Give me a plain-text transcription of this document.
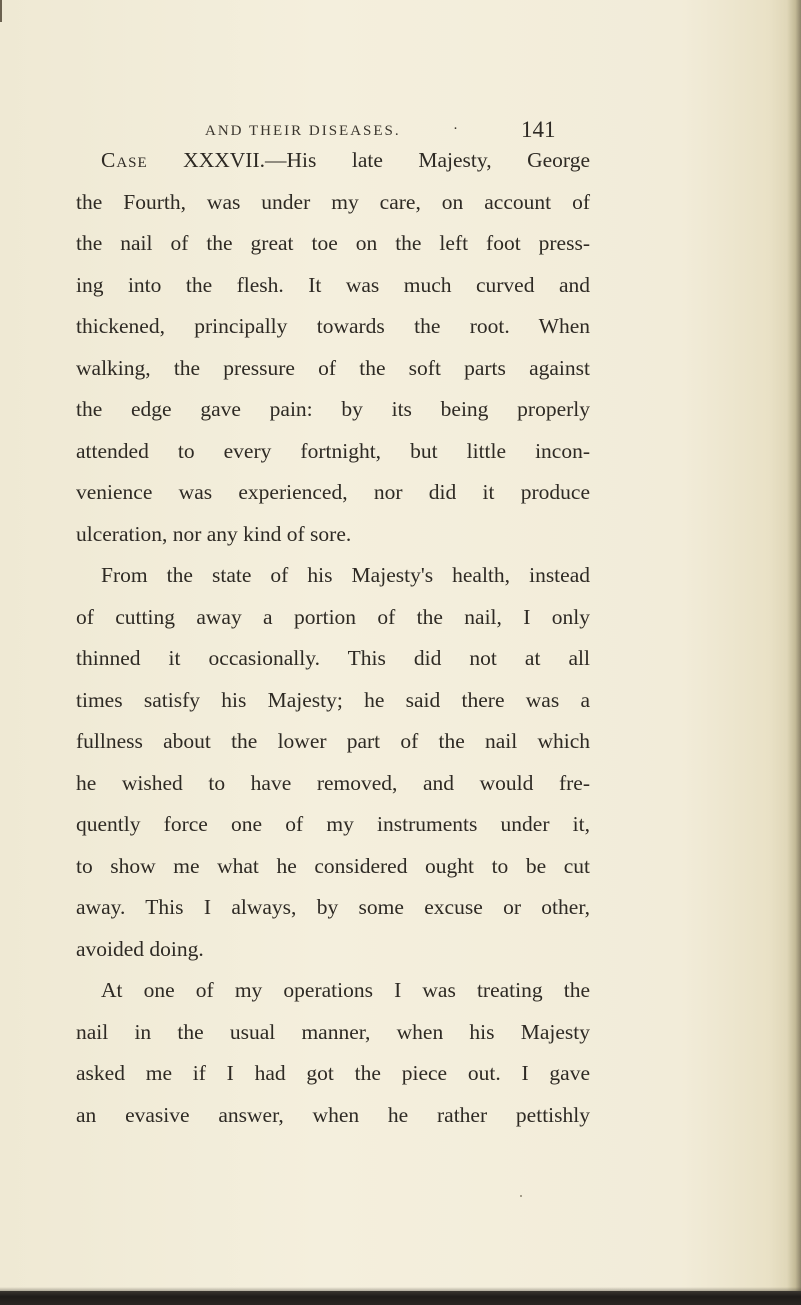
AND THEIR DISEASES.	·	141
Case XXXVII.—His late Majesty, George
the Fourth, was under my care, on account of
the nail of the great toe on the left foot press-
ing into the flesh. It was much curved and
thickened, principally towards the root. When
walking, the pressure of the soft parts against
the edge gave pain: by its being properly
attended to every fortnight, but little incon-
venience was experienced, nor did it produce
ulceration, nor any kind of sore.
From the state of his Majesty's health, instead
of cutting away a portion of the nail, I only
thinned it occasionally. This did not at all
times satisfy his Majesty; he said there was a
fullness about the lower part of the nail which
he wished to have removed, and would fre-
quently force one of my instruments under it,
to show me what he considered ought to be cut
away. This I always, by some excuse or other,
avoided doing.
At one of my operations I was treating the
nail in the usual manner, when his Majesty
asked me if I had got the piece out. I gave
an evasive answer, when he rather pettishly
